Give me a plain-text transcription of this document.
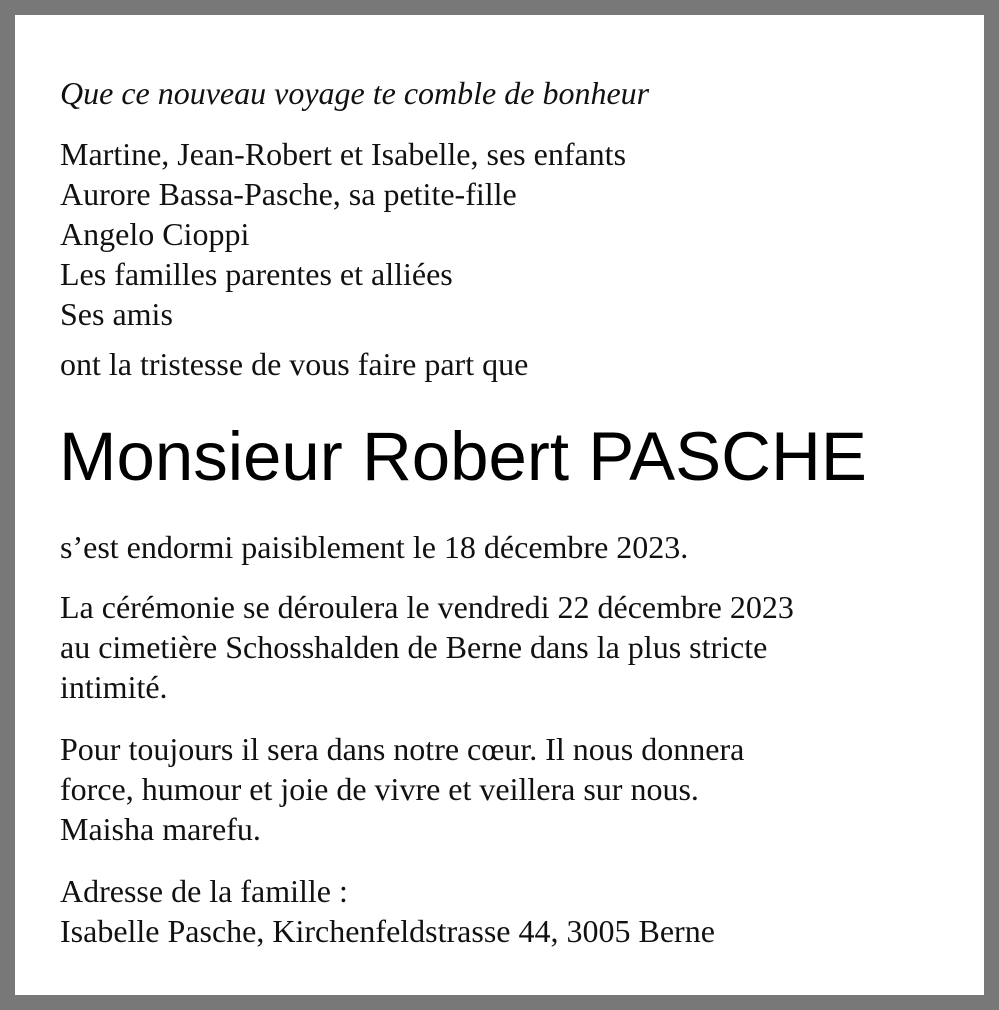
Que ce nouveau voyage te comble de bonheur
Martine, Jean-Robert et Isabelle, ses enfants
Aurore Bassa-Pasche, sa petite-fille
Angelo Cioppi
Les familles parentes et alliées
Ses amis
ont la tristesse de vous faire part que
Monsieur Robert PASCHE
s’est endormi paisiblement le 18 décembre 2023.
La cérémonie se déroulera le vendredi 22 décembre 2023
au cimetière Schosshalden de Berne dans la plus stricte
intimité.
Pour toujours il sera dans notre cœur. Il nous donnera
force, humour et joie de vivre et veillera sur nous.
Maisha marefu.
Adresse de la famille :
Isabelle Pasche, Kirchenfeldstrasse 44, 3005 Berne
